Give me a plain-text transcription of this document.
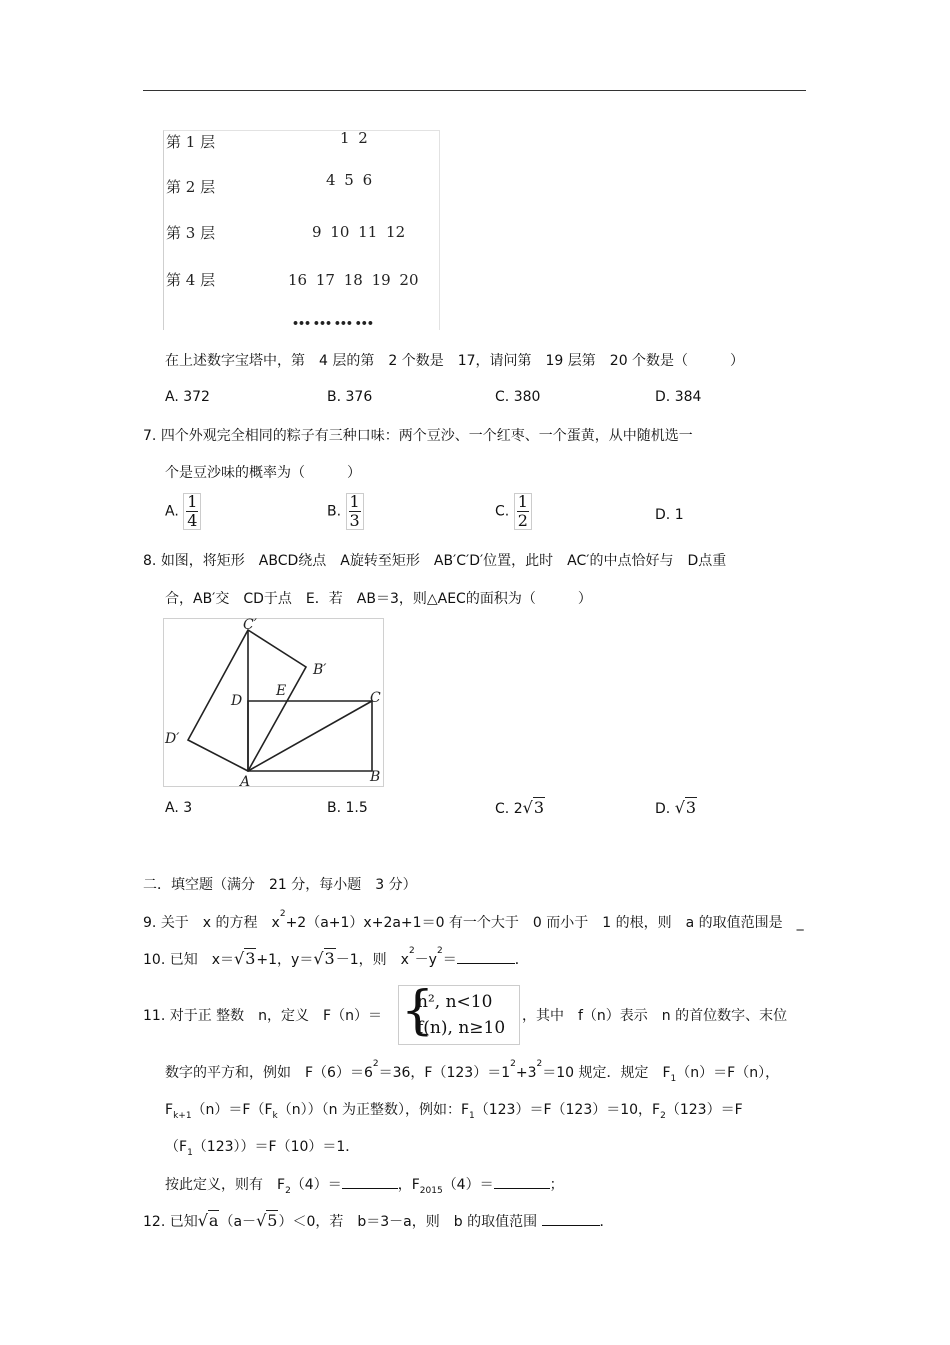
第 1 层	1 2
第 2 层	4 5 6
第 3 层	9 10 11 12
第 4 层	16 17 18 19 20
••• ••• ••• •••
在上述数字宝塔中，第　4 层的第　2 个数是　17，请问第　19 层第　20 个数是（　　　）
A. 372	B. 376	C. 380	D. 384
7. 四个外观完全相同的粽子有三种口味：两个豆沙、一个红枣、一个蛋黄，从中随机选一
个是豆沙味的概率为（　　　）
A. $\frac{1}{4}$	B. $\frac{1}{3}$	C. $\frac{1}{2}$	D. 1
8. 如图，将矩形　ABCD绕点　A旋转至矩形　AB′C′D′位置，此时　AC′的中点恰好与　D点重
合，AB′交　CD于点　E．若　AB＝3，则△AEC的面积为（　　　）
C′
B′
E
D	C
D′
A	B
A. 3	B. 1.5	C. 2√3	D. √3
二．填空题（满分　21 分，每小题　3 分）
9. 关于　x 的方程　$x^2+2(a+1)x+2a+1=0$ 有一个大于　0 而小于　1 的根，则　a 的取值范围是　_
10. 已知　x＝√3+1，y＝√3－1，则　$x^2-y^2=$	．
11. 对于正 整数　n，定义　F（n）＝ {
n², n<10
f(n), n≥10
，其中　f（n）表示　n 的首位数字、末位
数字的平方和，例如　$F(6)=6^2=36$，$F(123)=1^2+3^2=10$ 规定．规定　$F_1(n)=F(n)$，
$F_{k+1}(n)=F(F_k(n))(n$ 为正整数），例如：$F_1(123)=F(123)=10$，$F_2(123)=F$
$(F_1(123))=F(10)=1$．
按此定义，则有　$F_2(4)=$	，$F_{2015}(4)=$	；
12. 已知√a（a－√5）＜0，若　b＝3－a，则　b 的取值范围	．
